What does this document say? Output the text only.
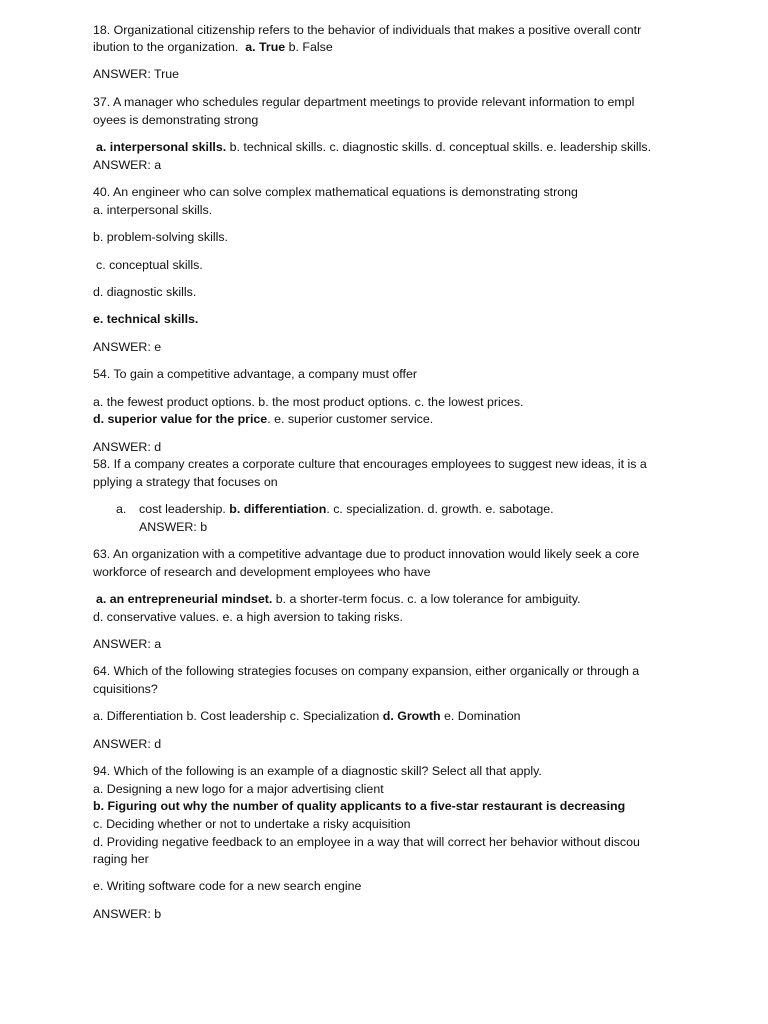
18. Organizational citizenship refers to the behavior of individuals that makes a positive overall contr
ibution to the organization. a. True b. False
ANSWER: True
37. A manager who schedules regular department meetings to provide relevant information to empl
oyees is demonstrating strong
a. interpersonal skills. b. technical skills. c. diagnostic skills. d. conceptual skills. e. leadership skills.
ANSWER: a
40. An engineer who can solve complex mathematical equations is demonstrating strong
a. interpersonal skills.
b. problem-solving skills.
c. conceptual skills.
d. diagnostic skills.
e. technical skills.
ANSWER: e
54. To gain a competitive advantage, a company must offer
a. the fewest product options. b. the most product options. c. the lowest prices.
d. superior value for the price. e. superior customer service.
ANSWER: d
58. If a company creates a corporate culture that encourages employees to suggest new ideas, it is a
pplying a strategy that focuses on
a. cost leadership. b. differentiation. c. specialization. d. growth. e. sabotage.
ANSWER: b
63. An organization with a competitive advantage due to product innovation would likely seek a core
workforce of research and development employees who have
a. an entrepreneurial mindset. b. a shorter-term focus. c. a low tolerance for ambiguity.
d. conservative values. e. a high aversion to taking risks.
ANSWER: a
64. Which of the following strategies focuses on company expansion, either organically or through a
cquisitions?
a. Differentiation b. Cost leadership c. Specialization d. Growth e. Domination
ANSWER: d
94. Which of the following is an example of a diagnostic skill? Select all that apply.
a. Designing a new logo for a major advertising client
b. Figuring out why the number of quality applicants to a five-star restaurant is decreasing
c. Deciding whether or not to undertake a risky acquisition
d. Providing negative feedback to an employee in a way that will correct her behavior without discou
raging her
e. Writing software code for a new search engine
ANSWER: b
